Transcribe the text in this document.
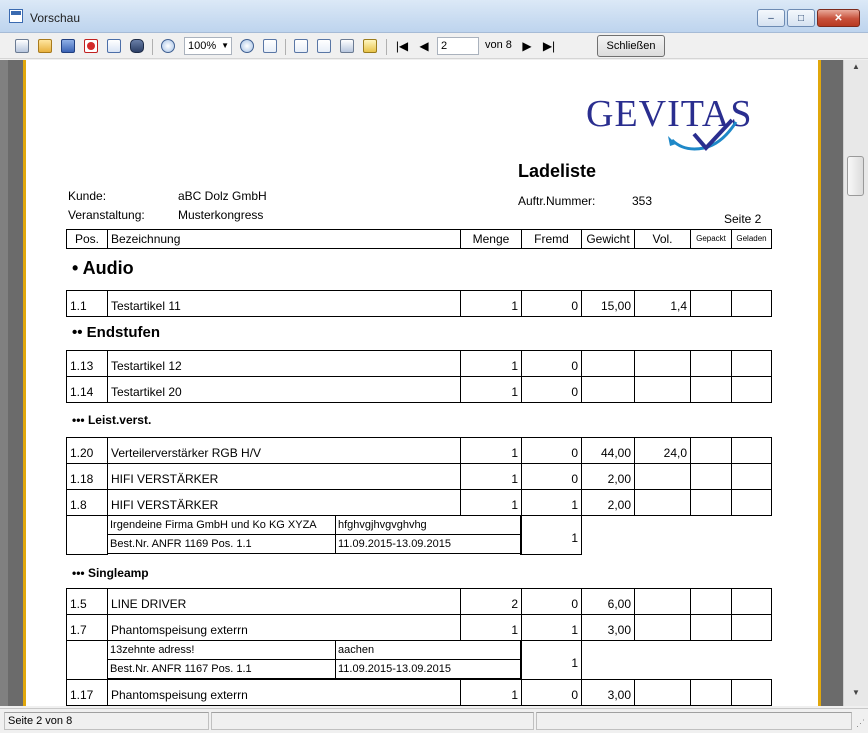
Vorschau	‒ □	✕
|◀ ◀	▶ ▶|
100% ▼	2	von 8	Schließen
GEVITAS
Ladeliste
Kunde:	aBC Dolz GmbH
Veranstaltung:	Musterkongress
Auftr.Nummer:	353
Seite 2
Pos.	Bezeichnung	Menge	Fremd	Gewicht	Vol.	Gepackt	Geladen
• Audio
1.1	Testartikel 11	1	0	15,00	1,4		
•• Endstufen
1.13	Testartikel 12	1	0				
1.14	Testartikel 20	1	0				
••• Leist.verst.
1.20	Verteilerverstärker RGB H/V	1	0	44,00	24,0		
1.18	HIFI VERSTÄRKER	1	0	2,00			
1.8	HIFI VERSTÄRKER	1	1	2,00			
Irgendeine Firma GmbH und Ko KG XYZA	hfghvgjhvgvghvhg
Best.Nr. ANFR 1169 Pos. 1.1	11.09.2015-13.09.2015	1
••• Singleamp
1.5	LINE DRIVER	2	0	6,00			
1.7	Phantomspeisung exterrn	1	1	3,00			
13zehnte adress!	aachen
Best.Nr. ANFR 1167 Pos. 1.1	11.09.2015-13.09.2015	1
1.17	Phantomspeisung exterrn	1	0	3,00			
▲
▼
Seite 2 von 8	⋰
